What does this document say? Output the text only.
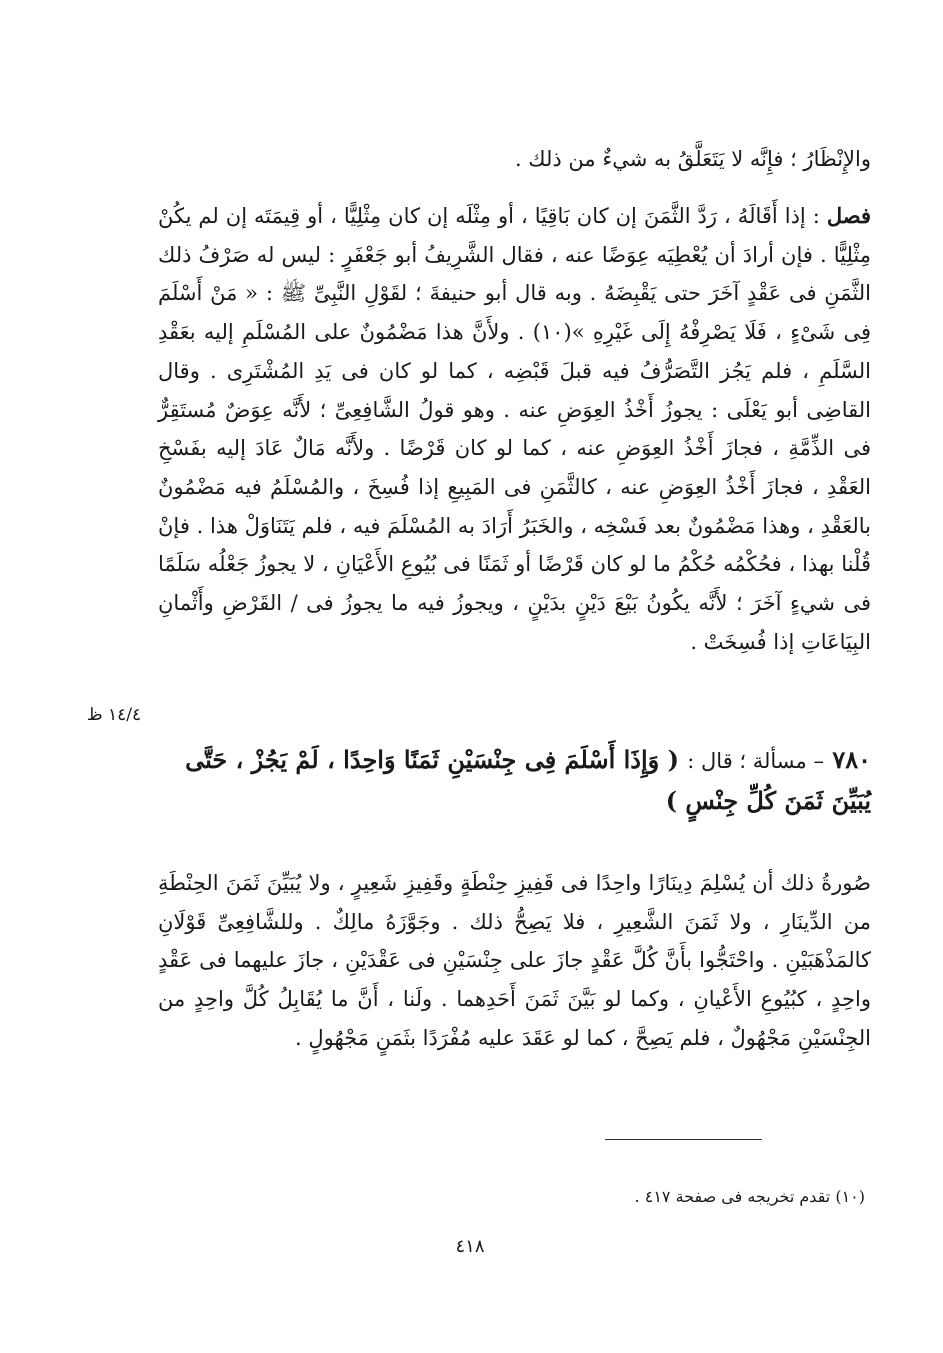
والإِنْظَارُ ؛ فإِنَّه لا يَتَعَلَّقُ به شيءٌ من ذلك .
فصل : إذا أَقَالَهُ ، رَدَّ الثَّمَنَ إن كان بَاقِيًا ، أو مِثْلَه إن كان مِثْلِيًّا ، أو قِيمَتَه إن لم يكُنْ مِثْلِيًّا . فإن أرادَ أن يُعْطِيَه عِوَضًا عنه ، فقال الشَّرِيفُ أبو جَعْفَرٍ : ليس له صَرْفُ ذلك الثَّمَنِ فى عَقْدٍ آخَرَ حتى يَقْبِضَهُ . وبه قال أبو حنيفةَ ؛ لقَوْلِ النَّبِىِّ ﷺ : « مَنْ أَسْلَمَ فِى شَىْءٍ ، فَلَا يَصْرِفْهُ إِلَى غَيْرِهِ »(١٠) . ولأَنَّ هذا مَضْمُونٌ على المُسْلَمِ إليه بعَقْدِ السَّلَمِ ، فلم يَجُز التَّصَرُّفُ فيه قبلَ قَبْضِه ، كما لو كان فى يَدِ المُشْتَرِى . وقال القاضِى أبو يَعْلَى : يجوزُ أَخْذُ العِوَضِ عنه . وهو قولُ الشَّافِعِىِّ ؛ لأَنَّه عِوَضٌ مُستَقِرٌّ فى الذِّمَّةِ ، فجازَ أَخْذُ العِوَضِ عنه ، كما لو كان قَرْضًا . ولأَنَّه مَالٌ عَادَ إليه بفَسْخِ العَقْدِ ، فجازَ أَخْذُ العِوَضِ عنه ، كالثَّمَنِ فى المَبِيعِ إذا فُسِخَ ، والمُسْلَمُ فيه مَضْمُونٌ بالعَقْدِ ، وهذا مَضْمُونٌ بعد فَسْخِه ، والخَبَرُ أَرَادَ به المُسْلَمَ فيه ، فلم يَتَنَاوَلْ هذا . فإنْ قُلْنا بهذا ، فحُكْمُه حُكْمُ ما لو كان قَرْضًا أو ثَمَنًا فى بُيُوعِ الأَعْيَانِ ، لا يجوزُ جَعْلُه سَلَمًا فى شيءٍ آخَرَ ؛ لأَنَّه يكُونُ بَيْعَ دَيْنٍ بدَيْنٍ ، ويجوزُ فيه ما يجوزُ فى / القَرْضِ وأَثْمانِ البِيَاعَاتِ إذا فُسِخَتْ .
١٤/٤ ظ
٧٨٠ – مسألة ؛ قال : ( وَإِذَا أَسْلَمَ فِى جِنْسَيْنِ ثَمَنًا وَاحِدًا ، لَمْ يَجُزْ ، حَتَّى يُبَيِّنَ ثَمَنَ كُلِّ جِنْسٍ )
صُورةُ ذلك أن يُسْلِمَ دِينَارًا واحِدًا فى قَفِيزِ حِنْطَةٍ وقَفِيزِ شَعِيرٍ ، ولا يُبَيِّنَ ثَمَنَ الحِنْطَةِ من الدِّينَارِ ، ولا ثَمَنَ الشَّعِيرِ ، فلا يَصِحُّ ذلك . وجَوَّزَهُ مالِكٌ . وللشَّافِعِىِّ قَوْلَانِ كالمَذْهَبَيْنِ . واحْتَجُّوا بأَنَّ كُلَّ عَقْدٍ جازَ على جِنْسَيْنِ فى عَقْدَيْنِ ، جازَ عليهما فى عَقْدٍ واحِدٍ ، كبُيُوعِ الأَعْيانِ ، وكما لو بَيَّنَ ثَمَنَ أَحَدِهما . ولَنا ، أَنَّ ما يُقَابِلُ كُلَّ واحِدٍ من الجِنْسَيْنِ مَجْهُولٌ ، فلم يَصِحَّ ، كما لو عَقَدَ عليه مُفْرَدًا بثَمَنٍ مَجْهُولٍ .
(١٠) تقدم تخريجه فى صفحة ٤١٧ .
٤١٨
